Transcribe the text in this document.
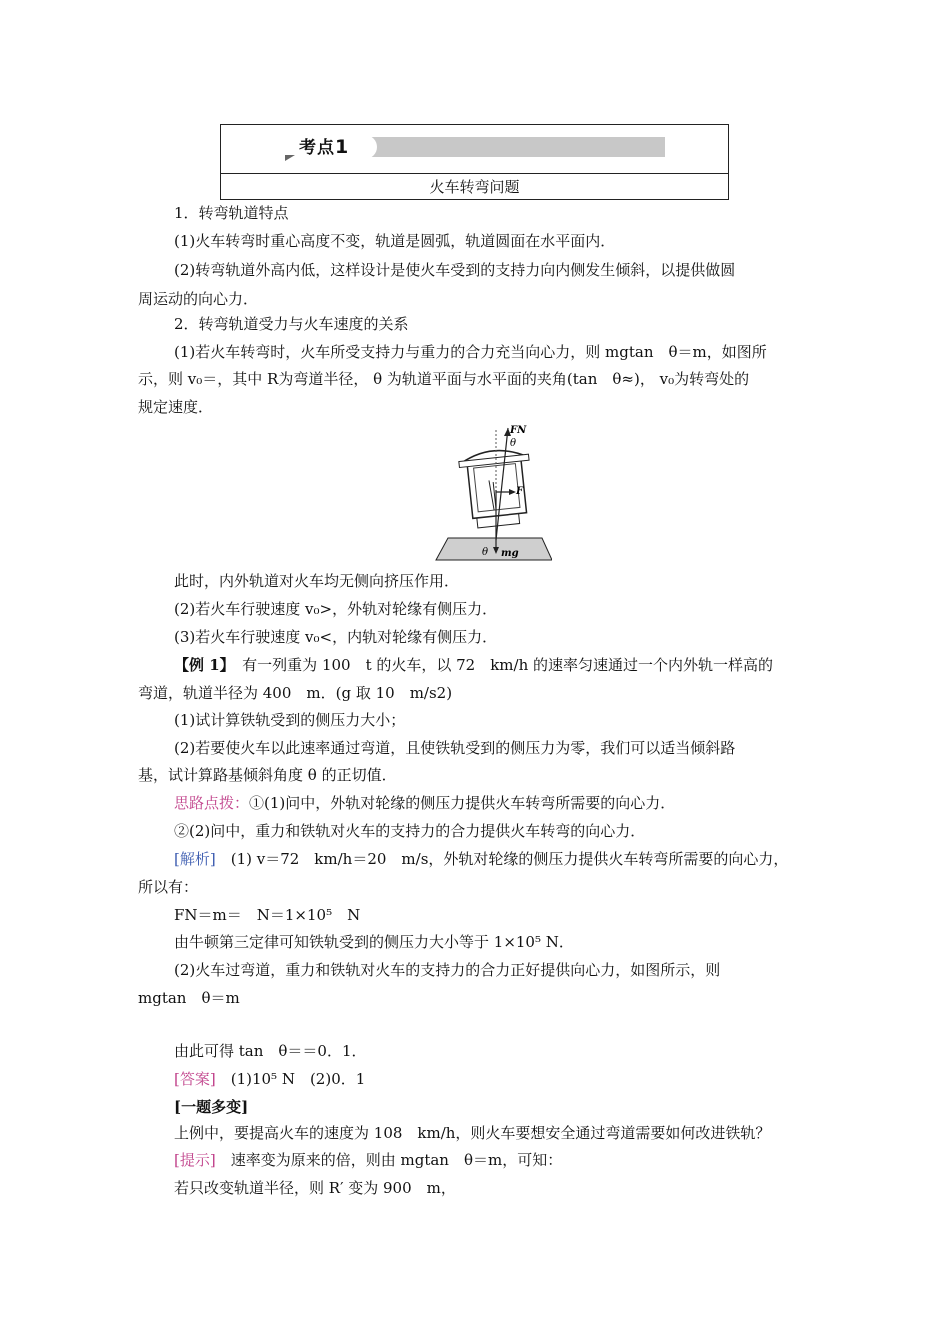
考点1
火车转弯问题
1．转弯轨道特点
(1)火车转弯时重心高度不变，轨道是圆弧，轨道圆面在水平面内．
(2)转弯轨道外高内低，这样设计是使火车受到的支持力向内侧发生倾斜，以提供做圆
周运动的向心力．
2．转弯轨道受力与火车速度的关系
(1)若火车转弯时，火车所受支持力与重力的合力充当向心力，则 mgtan　θ＝m，如图所
示，则 v₀＝，其中 R为弯道半径， θ 为轨道平面与水平面的夹角(tan　θ≈)， v₀为转弯处的
规定速度．
FN
θ
F
θ mg
此时，内外轨道对火车均无侧向挤压作用．
(2)若火车行驶速度 v₀>，外轨对轮缘有侧压力．
(3)若火车行驶速度 v₀<，内轨对轮缘有侧压力．
【例 1】　有一列重为 100　t 的火车，以 72　km/h 的速率匀速通过一个内外轨一样高的
弯道，轨道半径为 400　m．(g 取 10　m/s2)
(1)试计算铁轨受到的侧压力大小；
(2)若要使火车以此速率通过弯道，且使铁轨受到的侧压力为零，我们可以适当倾斜路
基，试计算路基倾斜角度 θ 的正切值．
思路点拨：①(1)问中，外轨对轮缘的侧压力提供火车转弯所需要的向心力．
②(2)问中，重力和铁轨对火车的支持力的合力提供火车转弯的向心力．
[解析]　(1) v＝72　km/h＝20　m/s，外轨对轮缘的侧压力提供火车转弯所需要的向心力，
所以有：
FN＝m＝　N＝1×10⁵　N
由牛顿第三定律可知铁轨受到的侧压力大小等于 1×10⁵ N．
(2)火车过弯道，重力和铁轨对火车的支持力的合力正好提供向心力，如图所示，则
mgtan　θ＝m
由此可得 tan　θ＝＝0．1．
[答案]　(1)10⁵ N　(2)0．1
[一题多变]
上例中，要提高火车的速度为 108　km/h，则火车要想安全通过弯道需要如何改进铁轨？
[提示]　速率变为原来的倍，则由 mgtan　θ＝m，可知：
若只改变轨道半径，则 R′ 变为 900　m，
